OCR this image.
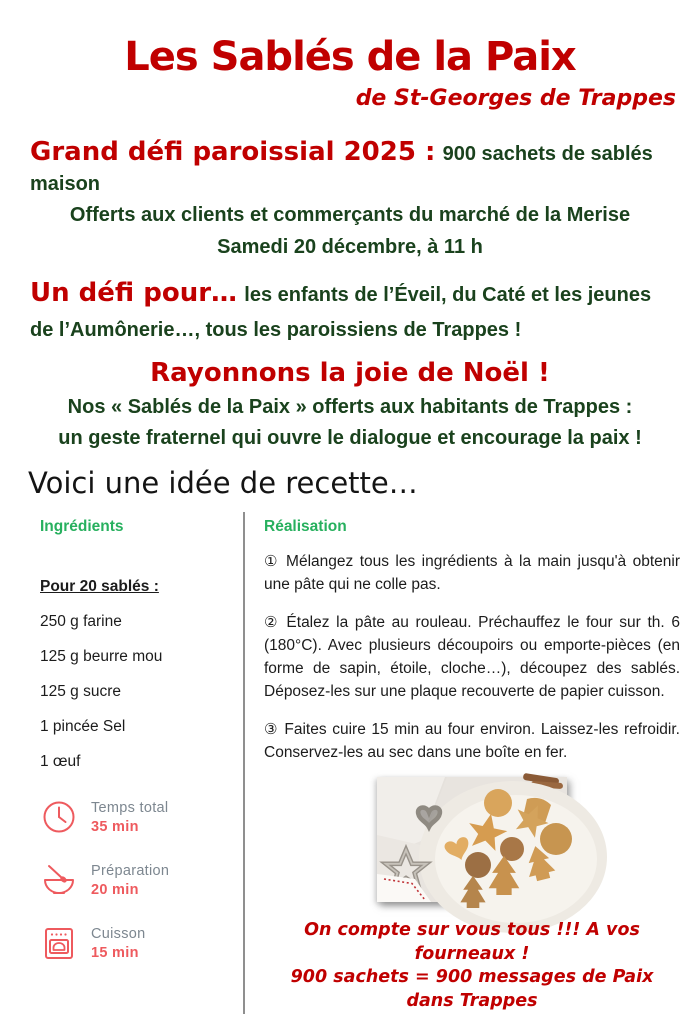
Les Sablés de la Paix
de St-Georges de Trappes

Grand défi paroissial 2025 : 900 sachets de sablés maison

Offerts aux clients et commerçants du marché de la Merise

Samedi 20 décembre, à 11 h

Un défi pour… les enfants de l’Éveil, du Caté et les jeunes de l’Aumônerie…, tous les paroissiens de Trappes !

Rayonnons la joie de Noël !

Nos « Sablés de la Paix » offerts aux habitants de Trappes :

un geste fraternel qui ouvre le dialogue et encourage la paix !

Voici une idée de recette…
Ingrédients
Pour 20 sablés :
250 g farine
125 g beurre mou
125 g sucre
1 pincée Sel
1 œuf
Temps total
35 min
Préparation
20 min
Cuisson
15 min
Réalisation

① Mélangez tous les ingrédients à la main jusqu'à obtenir une pâte qui ne colle pas.

② Étalez la pâte au rouleau. Préchauffez le four sur th. 6 (180°C). Avec plusieurs découpoirs ou emporte-pièces (en forme de sapin, étoile, cloche…), découpez des sablés. Déposez-les sur une plaque recouverte de papier cuisson.

③ Faites cuire 15 min au four environ. Laissez-les refroidir. Conservez-les au sec dans une boîte en fer.

On compte sur vous tous !!! A vos fourneaux !
900 sachets = 900 messages de Paix dans Trappes
